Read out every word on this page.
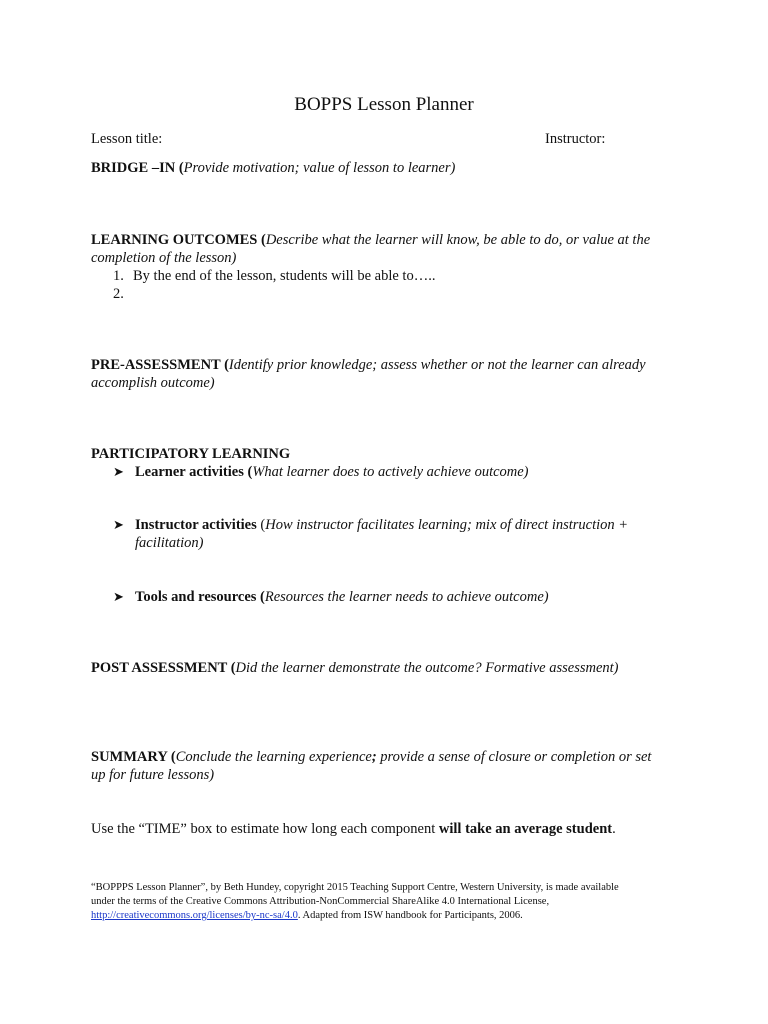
BOPPS Lesson Planner
Lesson title:	Instructor:
BRIDGE –IN (Provide motivation; value of lesson to learner)
LEARNING OUTCOMES (Describe what the learner will know, be able to do, or value at the
completion of the lesson)
1. By the end of the lesson, students will be able to…..
2.
PRE-ASSESSMENT (Identify prior knowledge; assess whether or not the learner can already
accomplish outcome)
PARTICIPATORY LEARNING
➤ Learner activities (What learner does to actively achieve outcome)
➤ Instructor activities (How instructor facilitates learning; mix of direct instruction +
facilitation)
➤ Tools and resources (Resources the learner needs to achieve outcome)
POST ASSESSMENT (Did the learner demonstrate the outcome? Formative assessment)
SUMMARY (Conclude the learning experience; provide a sense of closure or completion or set
up for future lessons)
Use the “TIME” box to estimate how long each component will take an average student.
“BOPPPS Lesson Planner”, by Beth Hundey, copyright 2015 Teaching Support Centre, Western University, is made available
under the terms of the Creative Commons Attribution-NonCommercial ShareAlike 4.0 International License,
http://creativecommons.org/licenses/by-nc-sa/4.0. Adapted from ISW handbook for Participants, 2006.
